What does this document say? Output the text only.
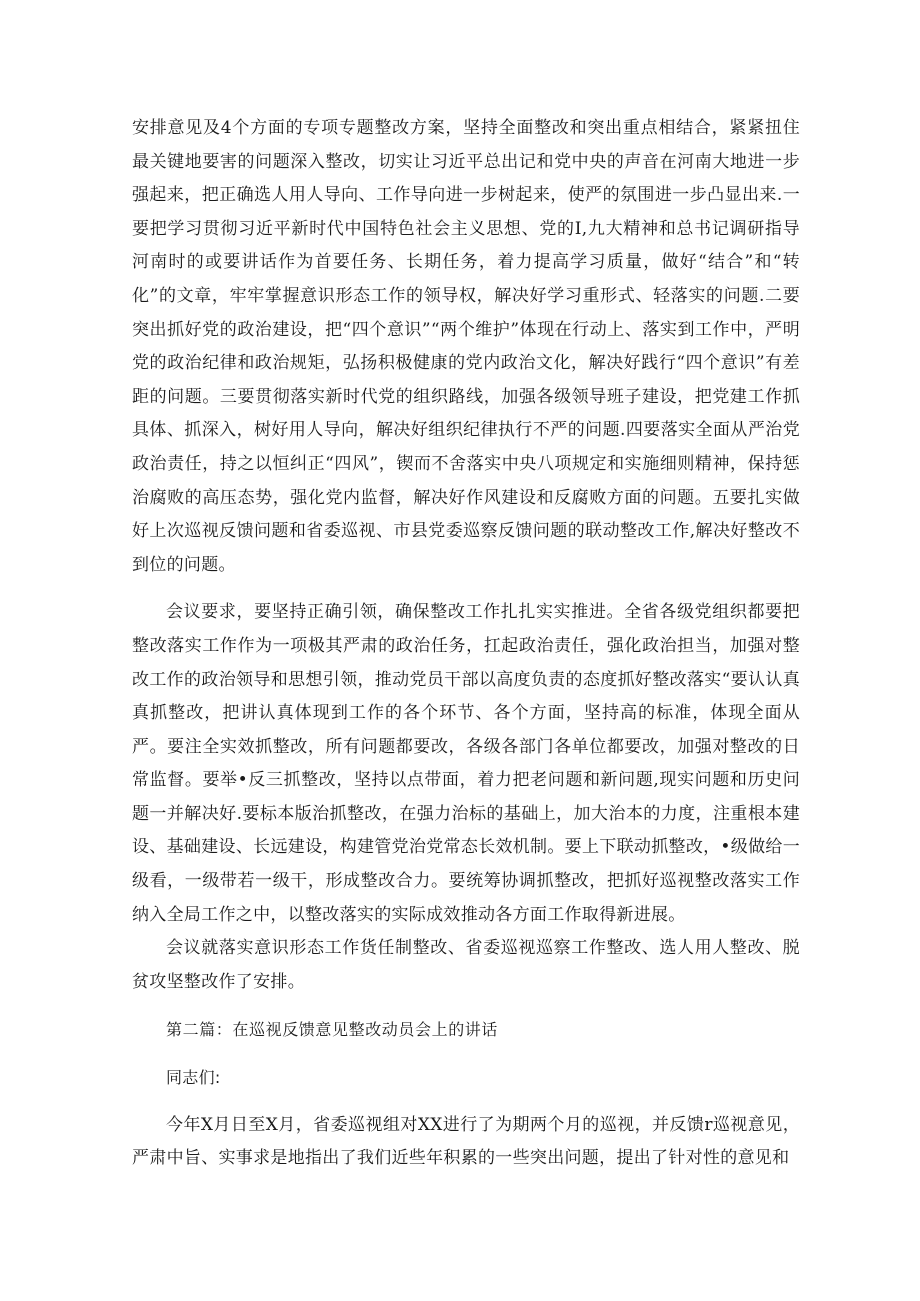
安排意见及4个方面的专项专题整改方案，坚持全面整改和突出重点相结合，紧紧扭住最关键地要害的问题深入整改，切实让习近平总出记和党中央的声音在河南大地进一步强起来，把正确选人用人导向、工作导向进一步树起来，使严的氛围进一步凸显出来.一要把学习贯彻习近平新时代中国特色社会主义思想、党的I,九大精神和总书记调研指导河南时的或要讲话作为首要任务、长期任务，着力提高学习质量，做好“结合”和“转化”的文章，牢牢掌握意识形态工作的领导权，解决好学习重形式、轻落实的问题.二要突出抓好党的政治建设，把“四个意识”“两个维护”体现在行动上、落实到工作中，严明党的政治纪律和政治规矩，弘扬积极健康的党内政治文化，解决好践行“四个意识”有差距的问题。三要贯彻落实新时代党的组织路线，加强各级领导班子建设，把党建工作抓具体、抓深入，树好用人导向，解决好组织纪律执行不严的问题.四要落实全面从严治党政治责任，持之以恒纠正“四风”，锲而不舍落实中央八项规定和实施细则精神，保持惩治腐败的高压态势，强化党内监督，解决好作风建设和反腐败方面的问题。五要扎实做好上次巡视反馈问题和省委巡视、市县党委巡察反馈问题的联动整改工作,解决好整改不到位的问题。

会议要求，要坚持正确引领，确保整改工作扎扎实实推进。全省各级党组织都要把整改落实工作作为一项极其严肃的政治任务，扛起政治责任，强化政治担当，加强对整改工作的政治领导和思想引领，推动党员干部以高度负责的态度抓好整改落实“要认认真真抓整改，把讲认真体现到工作的各个环节、各个方面，坚持高的标准，体现全面从严。要注全实效抓整改，所有问题都要改，各级各部门各单位都要改，加强对整改的日常监督。要举•反三抓整改，坚持以点带面，着力把老问题和新问题,现实问题和历史问题一并解决好.要标本版治抓整改，在强力治标的基础上，加大治本的力度，注重根本建设、基础建设、长远建设，构建管党治党常态长效机制。要上下联动抓整改，•级做给一级看，一级带若一级干，形成整改合力。要统筹协调抓整改，把抓好巡视整改落实工作纳入全局工作之中，以整改落实的实际成效推动各方面工作取得新进展。

会议就落实意识形态工作货任制整改、省委巡视巡察工作整改、选人用人整改、脱贫攻坚整改作了安排。

第二篇：在巡视反馈意见整改动员会上的讲话

同志们:

今年X月日至X月，省委巡视组对XX进行了为期两个月的巡视，并反馈r巡视意见，严肃中旨、实事求是地指出了我们近些年积累的一些突出问题，提出了针对性的意见和
